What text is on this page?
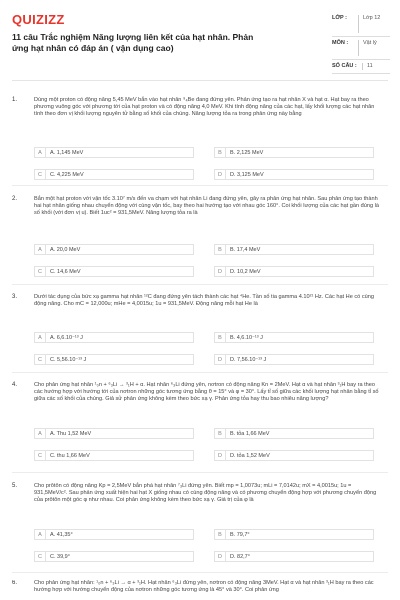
QUIZIZZ
11 câu Trắc nghiệm Năng lượng liên kết của hạt nhân. Phản ứng hạt nhân có đáp án ( vận dụng cao)
LỚP :	Lớp 12
MÔN :	Vật lý
SỐ CÂU :	11
1.	Dùng một proton có động năng 5,45 MeV bắn vào hạt nhân ⁹₄Be đang đứng yên. Phản ứng tạo ra hạt nhân X và hạt α. Hạt bay ra theo phương vuông góc với phương tới của hạt proton và có động năng 4,0 MeV. Khi tính động năng của các hạt, lấy khối lượng các hạt nhân tính theo đơn vị khối lượng nguyên tử bằng số khối của chúng. Năng lượng tỏa ra trong phản ứng này bằng
A	A. 1,145 MeV	B	B. 2,125 MeV
C	C. 4,225 MeV	D	D. 3,125 MeV
2.	Bắn một hạt proton với vận tốc 3.10⁷ m/s đến va chạm với hạt nhân Li đang đứng yên, gây ra phản ứng hạt nhân. Sau phản ứng tạo thành hai hạt nhân giống nhau chuyển động với cùng vận tốc, bay theo hai hướng tạo với nhau góc 160°. Coi khối lượng của các hạt gần đúng là số khối (với đơn vị u). Biết 1uc² = 931,5MeV. Năng lượng tỏa ra là
A	A. 20,0 MeV	B	B. 17,4 MeV
C	C. 14,6 MeV	D	D. 10,2 MeV
3.	Dưới tác dụng của bức xạ gamma hạt nhân ¹²C đang đứng yên tách thành các hạt ⁴He. Tần số tia gamma 4.10²¹ Hz. Các hạt He có cùng động năng. Cho mC = 12,000u; mHe = 4,0015u; 1u = 931,5MeV. Động năng mỗi hạt He là
A	A. 6,6.10⁻¹³ J	B	B. 4,6.10⁻¹³ J
C	C. 5,56.10⁻¹³ J	D	D. 7,56.10⁻¹³ J
4.	Cho phản ứng hạt nhân ¹₀n + ⁶₃Li → ³₁H + α. Hạt nhân ⁶₃Li đứng yên, nơtron có động năng Kn = 2MeV. Hạt α và hạt nhân ³₁H bay ra theo các hướng hợp với hướng tới của nơtron những góc tương ứng bằng θ = 15° và φ = 30°. Lấy tỉ số giữa các khối lượng hạt nhân bằng tỉ số giữa các số khối của chúng. Giả sử phản ứng không kèm theo bức xạ γ. Phản ứng tỏa hay thu bao nhiêu năng lượng?
A	A. Thu 1,52 MeV	B	B. tỏa 1,66 MeV
C	C. thu 1,66 MeV	D	D. tỏa 1,52 MeV
5.	Cho prôtôn có động năng Kp = 2,5MeV bắn phá hạt nhân ⁷₃Li đứng yên. Biết mp = 1,0073u; mLi = 7,0142u; mX = 4,0015u; 1u = 931,5MeV/c². Sau phản ứng xuất hiện hai hạt X giống nhau có cùng động năng và có phương chuyển động hợp với phương chuyển động của prôtôn một góc φ như nhau. Coi phản ứng không kèm theo bức xạ γ. Giá trị của φ là
A	A. 41,35°	B	B. 79,7°
C	C. 39,9°	D	D. 82,7°
6.	Cho phản ứng hạt nhân: ¹₀n + ⁶₃Li → α + ³₁H. Hạt nhân ⁶₃Li đứng yên, nơtron có động năng 3MeV. Hạt α và hạt nhân ³₁H bay ra theo các hướng hợp với hướng chuyển động của nơtron những góc tương ứng là 45° và 30°. Coi phản ứng
